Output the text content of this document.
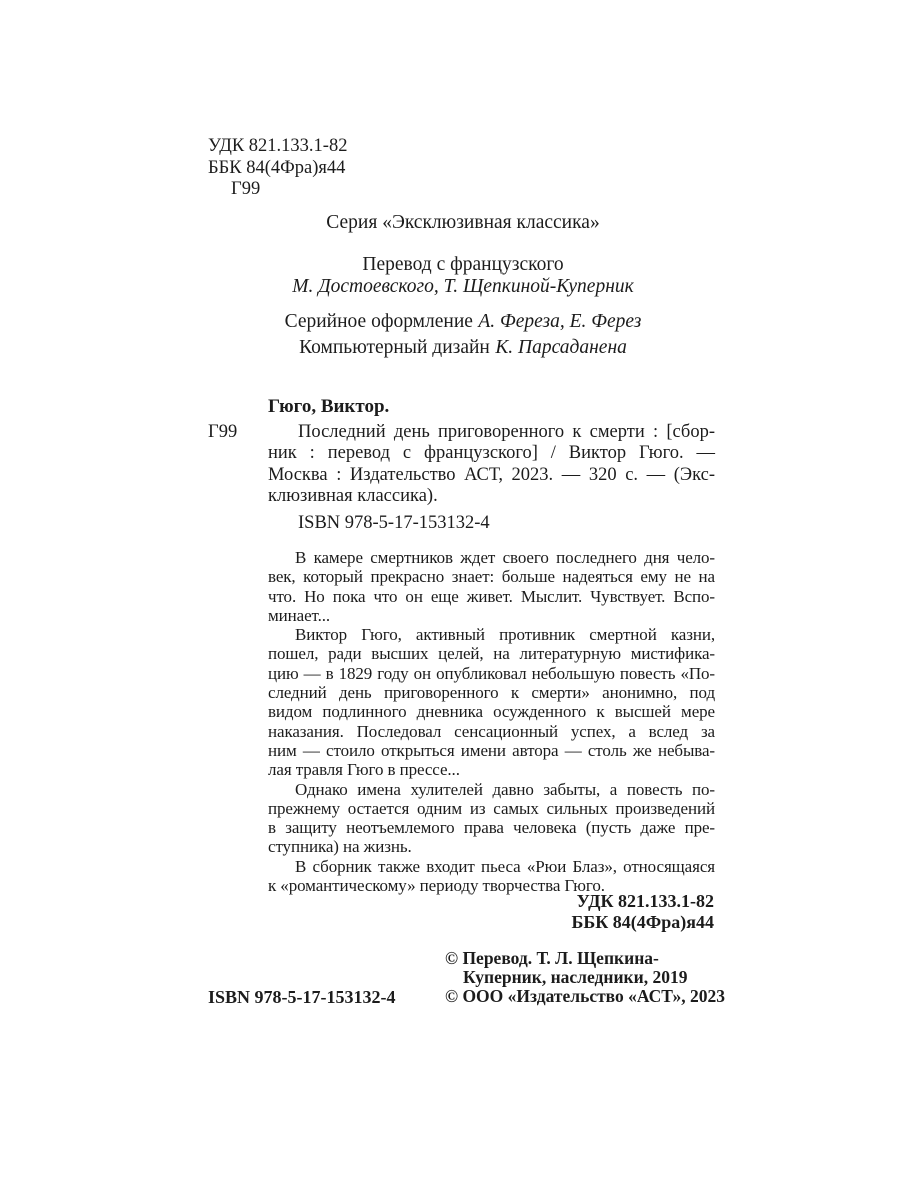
УДК 821.133.1-82
ББК 84(4Фра)я44
Г99
Серия «Эксклюзивная классика»
Перевод с французского
М. Достоевского, Т. Щепкиной-Куперник
Серийное оформление А. Фереза, Е. Ферез
Компьютерный дизайн К. Парсаданена
Гюго, Виктор.
Г99	Последний день приговоренного к смерти : [сбор-
ник : перевод с французского] / Виктор Гюго. —
Москва : Издательство АСТ, 2023. — 320 с. — (Экс-
клюзивная классика).
ISBN 978-5-17-153132-4
В камере смертников ждет своего последнего дня чело-
век, который прекрасно знает: больше надеяться ему не на
что. Но пока что он еще живет. Мыслит. Чувствует. Вспо-
минает...
Виктор Гюго, активный противник смертной казни,
пошел, ради высших целей, на литературную мистифика-
цию — в 1829 году он опубликовал небольшую повесть «По-
следний день приговоренного к смерти» анонимно, под
видом подлинного дневника осужденного к высшей мере
наказания. Последовал сенсационный успех, а вслед за
ним — стоило открыться имени автора — столь же небыва-
лая травля Гюго в прессе...
Однако имена хулителей давно забыты, а повесть по-
прежнему остается одним из самых сильных произведений
в защиту неотъемлемого права человека (пусть даже пре-
ступника) на жизнь.
В сборник также входит пьеса «Рюи Блаз», относящаяся
к «романтическому» периоду творчества Гюго.
УДК 821.133.1-82
ББК 84(4Фра)я44
© Перевод. Т. Л. Щепкина-
Куперник, наследники, 2019
© ООО «Издательство «АСТ», 2023
ISBN 978-5-17-153132-4
